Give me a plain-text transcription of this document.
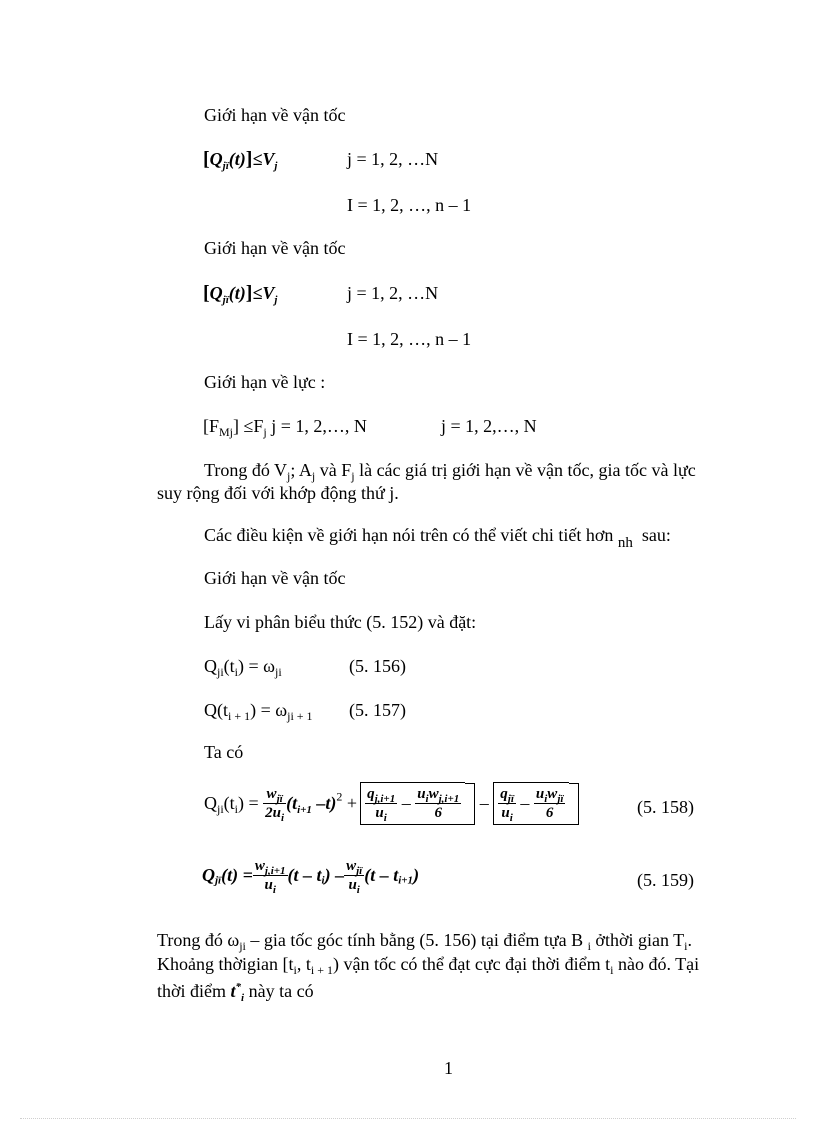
Giới hạn về vận tốc
$[Q_{jï}(t)]\le V_j$	j = 1, 2, …N
I = 1, 2, …, n – 1
Giới hạn về vận tốc
$[Q_{jï}(t)]\le V_j$	j = 1, 2, …N
I = 1, 2, …, n – 1
Giới hạn về lực :
$[F_{Mj}] \le F_j$ j = 1, 2,…, N	j = 1, 2,…, N
Trong đó $V_j$; $A_j$ và $F_j$ là các giá trị giới hạn về vận tốc, gia tốc và lực
suy rộng đối với khớp động thứ j.
Các điều kiện về giới hạn nói trên có thể viết chi tiết hơn $_{nh}$  sau:
Giới hạn về vận tốc
Lấy vi phân biểu thức (5. 152) và đặt:
$Q_{ji}(t_i) = \omega_{ji}$	(5. 156)
$Q(t_{i + 1}) = \omega_{ji + 1}$ (5. 157)
Ta có
$Q_{ji}(t_i) = \frac{w_{jï}}{2u_i} (t_{i+1}$ $-t)^2 + \frac{q_{j,i+1}}{u_i} - \frac{u_iw_{j,i+1}}{6} - \frac{q_{jï}}{u_i} - \frac{u_iw_{jï}}{6}$	(5. 158)
$Q_{jï}(t) = \frac{w_{j,i+1}}{u_i} (t - t_i) - \frac{w_{jï}}{u_i} (t - t_{i+1})$	(5. 159)
Trong đó $\omega_{ji}$ – gia tốc góc tính bằng (5. 156) tại điểm tựa B $_i$ ởthời gian $T_i$.
Khoảng thờigian [$t_i$, $t_{i + 1}$) vận tốc có thể đạt cực đại thời điểm $t_i$ nào đó. Tại
thời điểm $t^*_i$ này ta có
1
